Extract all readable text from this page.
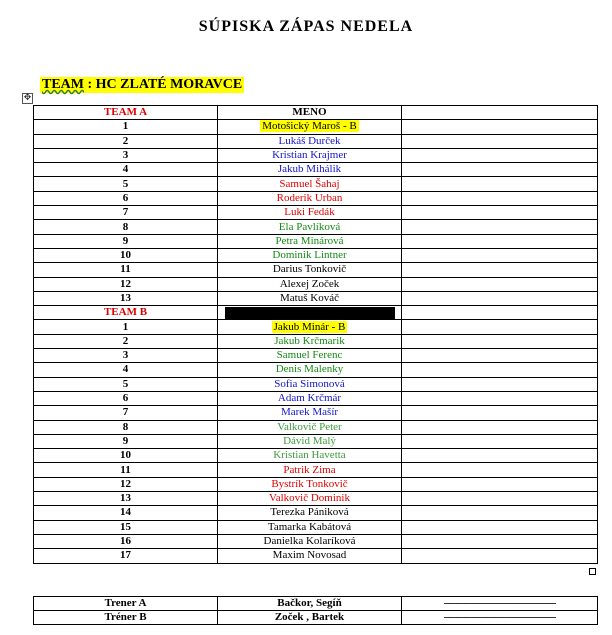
SÚPISKA ZÁPAS NEDELA
TEAM : HC ZLATÉ MORAVCE
✥
TEAM A	MENO	
1	Motošický Maroš - B	
2	Lukáš Durček	
3	Kristian Krajmer	
4	Jakub Mihálik	
5	Samuel Šahaj	
6	Roderik Urban	
7	Luki Fedák	
8	Ela Pavlíková	
9	Petra Minárová	
10	Dominik Lintner	
11	Darius Tonkovič	
12	Alexej Zoček	
13	Matuš Kováč	
TEAM B		
1	Jakub Minár - B	
2	Jakub Krčmarik	
3	Samuel Ferenc	
4	Denis Malenky	
5	Sofia Simonová	
6	Adam Krčmár	
7	Marek Mašír	
8	Valkovič Peter	
9	Dávid Malý	
10	Kristian Havetta	
11	Patrik Zima	
12	Bystrík Tonkovič	
13	Valkovič Dominik	
14	Terezka Pániková	
15	Tamarka Kabátová	
16	Danielka Kolaríková	
17	Maxim Novosad	
Trener A	Bačkor, Segíň	------------------------------------------
Tréner B	Zoček , Bartek	------------------------------------------
